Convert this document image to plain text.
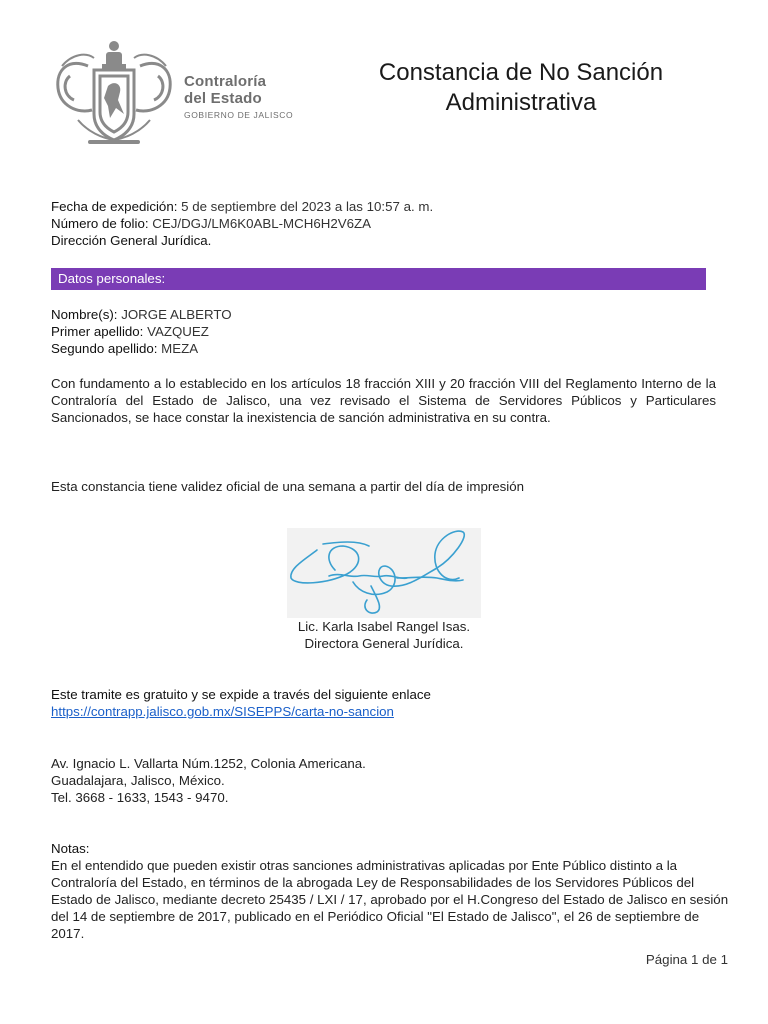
Contraloría
del Estado
GOBIERNO DE JALISCO
Constancia de No Sanción
Administrativa
Fecha de expedición: 5 de septiembre del 2023 a las 10:57 a. m.
Número de folio: CEJ/DGJ/LM6K0ABL-MCH6H2V6ZA
Dirección General Jurídica.
Datos personales:
Nombre(s): JORGE ALBERTO
Primer apellido: VAZQUEZ
Segundo apellido: MEZA
Con fundamento a lo establecido en los artículos 18 fracción XIII y 20 fracción VIII del Reglamento Interno de la Contraloría del Estado de Jalisco, una vez revisado el Sistema de Servidores Públicos y Particulares Sancionados, se hace constar la inexistencia de sanción administrativa en su contra.
Esta constancia tiene validez oficial de una semana a partir del día de impresión
Lic. Karla Isabel Rangel Isas.
Directora General Jurídica.
Este tramite es gratuito y se expide a través del siguiente enlace
https://contrapp.jalisco.gob.mx/SISEPPS/carta-no-sancion
Av. Ignacio L. Vallarta Núm.1252, Colonia Americana.
Guadalajara, Jalisco, México.
Tel. 3668 - 1633, 1543 - 9470.
Notas:
En el entendido que pueden existir otras sanciones administrativas aplicadas por Ente Público distinto a la Contraloría del Estado, en términos de la abrogada Ley de Responsabilidades de los Servidores Públicos del Estado de Jalisco, mediante decreto 25435 / LXI / 17, aprobado por el H.Congreso del Estado de Jalisco en sesión del 14 de septiembre de 2017, publicado en el Periódico Oficial "El Estado de Jalisco", el 26 de septiembre de 2017.
Página 1 de 1
